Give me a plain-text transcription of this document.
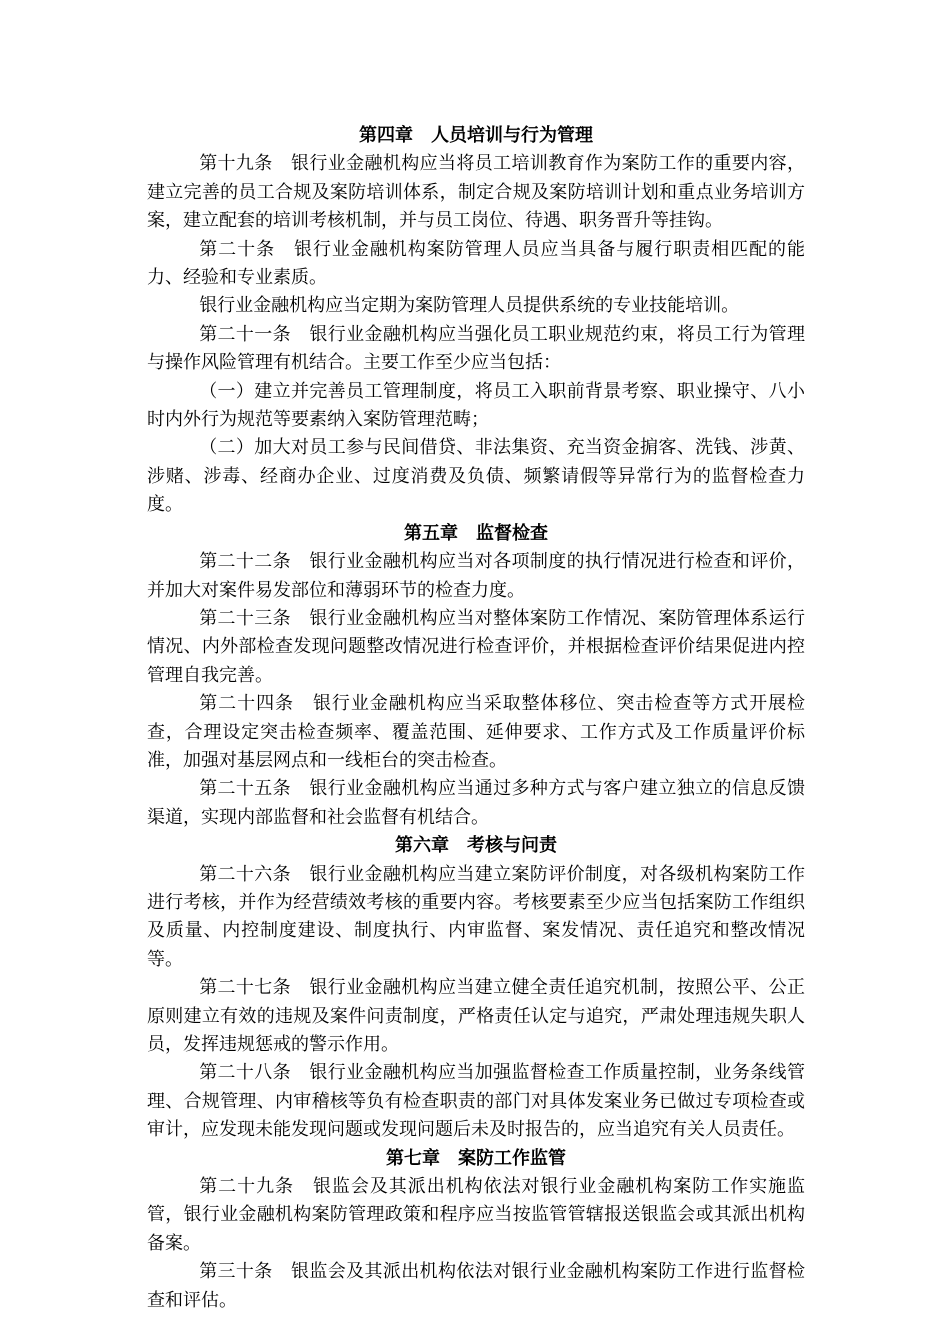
第四章　人员培训与行为管理

第十九条　银行业金融机构应当将员工培训教育作为案防工作的重要内容，建立完善的员工合规及案防培训体系，制定合规及案防培训计划和重点业务培训方案，建立配套的培训考核机制，并与员工岗位、待遇、职务晋升等挂钩。

第二十条　银行业金融机构案防管理人员应当具备与履行职责相匹配的能力、经验和专业素质。

银行业金融机构应当定期为案防管理人员提供系统的专业技能培训。

第二十一条　银行业金融机构应当强化员工职业规范约束，将员工行为管理与操作风险管理有机结合。主要工作至少应当包括：

（一）建立并完善员工管理制度，将员工入职前背景考察、职业操守、八小时内外行为规范等要素纳入案防管理范畴；

（二）加大对员工参与民间借贷、非法集资、充当资金掮客、洗钱、涉黄、涉赌、涉毒、经商办企业、过度消费及负债、频繁请假等异常行为的监督检查力度。

第五章　监督检查

第二十二条　银行业金融机构应当对各项制度的执行情况进行检查和评价，并加大对案件易发部位和薄弱环节的检查力度。

第二十三条　银行业金融机构应当对整体案防工作情况、案防管理体系运行情况、内外部检查发现问题整改情况进行检查评价，并根据检查评价结果促进内控管理自我完善。

第二十四条　银行业金融机构应当采取整体移位、突击检查等方式开展检查，合理设定突击检查频率、覆盖范围、延伸要求、工作方式及工作质量评价标准，加强对基层网点和一线柜台的突击检查。

第二十五条　银行业金融机构应当通过多种方式与客户建立独立的信息反馈渠道，实现内部监督和社会监督有机结合。

第六章　考核与问责

第二十六条　银行业金融机构应当建立案防评价制度，对各级机构案防工作进行考核，并作为经营绩效考核的重要内容。考核要素至少应当包括案防工作组织及质量、内控制度建设、制度执行、内审监督、案发情况、责任追究和整改情况等。

第二十七条　银行业金融机构应当建立健全责任追究机制，按照公平、公正原则建立有效的违规及案件问责制度，严格责任认定与追究，严肃处理违规失职人员，发挥违规惩戒的警示作用。

第二十八条　银行业金融机构应当加强监督检查工作质量控制，业务条线管理、合规管理、内审稽核等负有检查职责的部门对具体发案业务已做过专项检查或审计，应发现未能发现问题或发现问题后未及时报告的，应当追究有关人员责任。

第七章　案防工作监管

第二十九条　银监会及其派出机构依法对银行业金融机构案防工作实施监管，银行业金融机构案防管理政策和程序应当按监管管辖报送银监会或其派出机构备案。

第三十条　银监会及其派出机构依法对银行业金融机构案防工作进行监督检查和评估。
